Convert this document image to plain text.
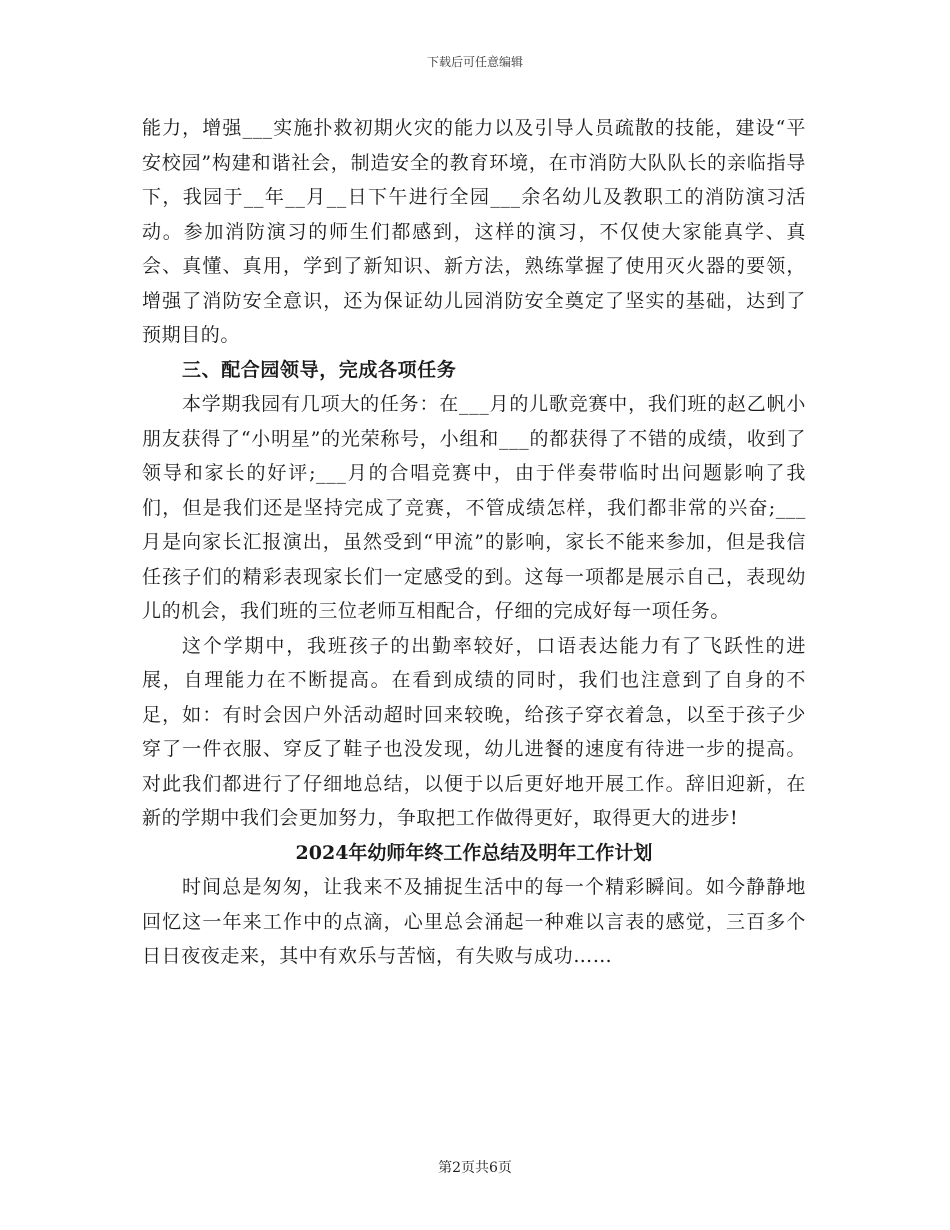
下载后可任意编辑

能力，增强___实施扑救初期火灾的能力以及引导人员疏散的技能，建设“平安校园”构建和谐社会，制造安全的教育环境，在市消防大队队长的亲临指导下，我园于__年__月__日下午进行全园___余名幼儿及教职工的消防演习活动。参加消防演习的师生们都感到，这样的演习，不仅使大家能真学、真会、真懂、真用，学到了新知识、新方法，熟练掌握了使用灭火器的要领，增强了消防安全意识，还为保证幼儿园消防安全奠定了坚实的基础，达到了预期目的。

三、配合园领导，完成各项任务

本学期我园有几项大的任务：在___月的儿歌竞赛中，我们班的赵乙帆小朋友获得了“小明星”的光荣称号，小组和___的都获得了不错的成绩，收到了领导和家长的好评;___月的合唱竞赛中，由于伴奏带临时出问题影响了我们，但是我们还是坚持完成了竞赛，不管成绩怎样，我们都非常的兴奋;___月是向家长汇报演出，虽然受到“甲流”的影响，家长不能来参加，但是我信任孩子们的精彩表现家长们一定感受的到。这每一项都是展示自己，表现幼儿的机会，我们班的三位老师互相配合，仔细的完成好每一项任务。

这个学期中，我班孩子的出勤率较好，口语表达能力有了飞跃性的进展，自理能力在不断提高。在看到成绩的同时，我们也注意到了自身的不足，如：有时会因户外活动超时回来较晚，给孩子穿衣着急，以至于孩子少穿了一件衣服、穿反了鞋子也没发现，幼儿进餐的速度有待进一步的提高。对此我们都进行了仔细地总结，以便于以后更好地开展工作。辞旧迎新，在新的学期中我们会更加努力，争取把工作做得更好，取得更大的进步!

2024年幼师年终工作总结及明年工作计划

时间总是匆匆，让我来不及捕捉生活中的每一个精彩瞬间。如今静静地回忆这一年来工作中的点滴，心里总会涌起一种难以言表的感觉，三百多个日日夜夜走来，其中有欢乐与苦恼，有失败与成功……

第2页共6页
